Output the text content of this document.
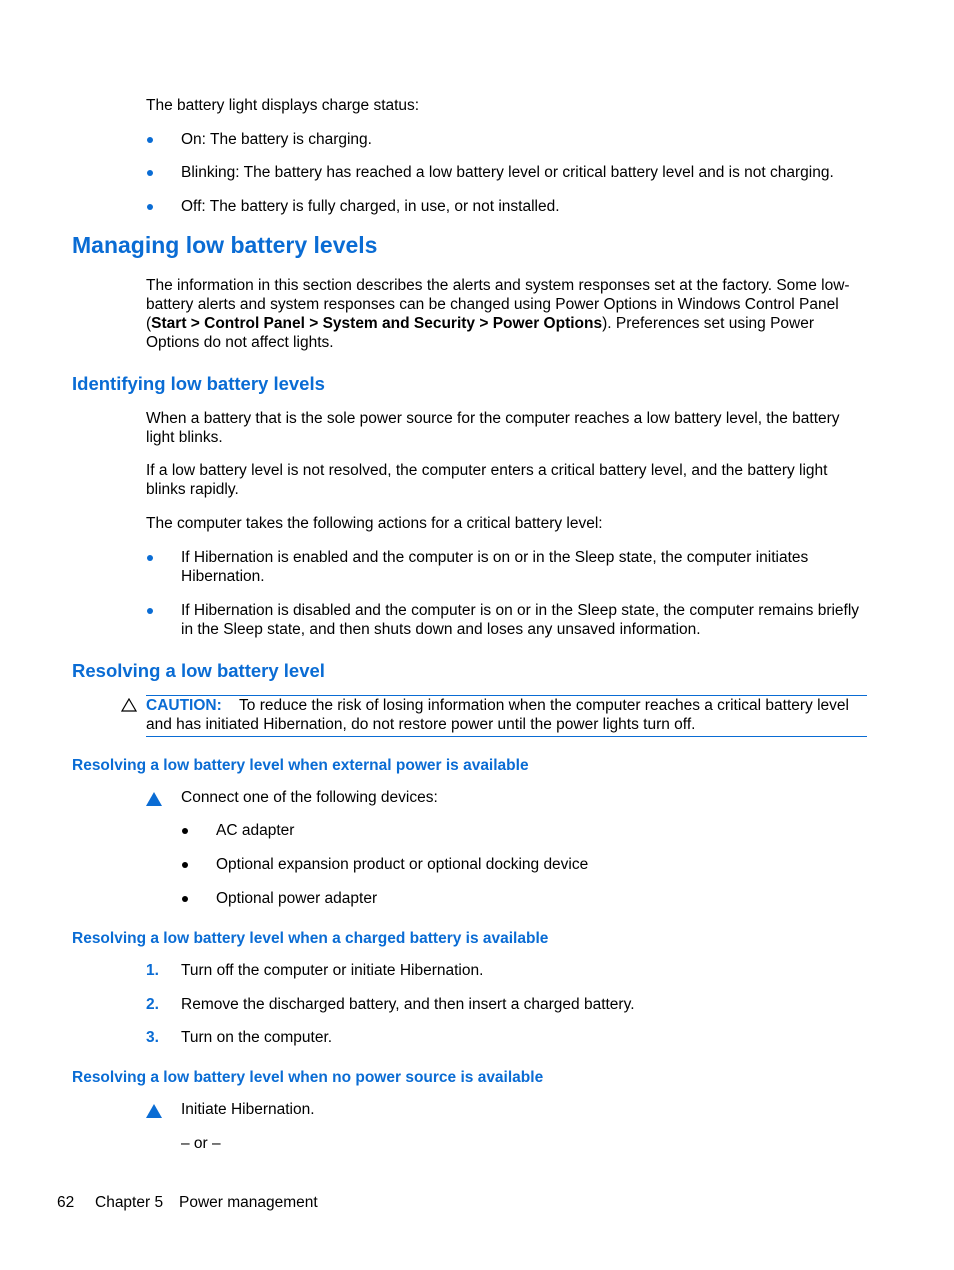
The battery light displays charge status:
On: The battery is charging.
Blinking: The battery has reached a low battery level or critical battery level and is not charging.
Off: The battery is fully charged, in use, or not installed.
Managing low battery levels
The information in this section describes the alerts and system responses set at the factory. Some low-
battery alerts and system responses can be changed using Power Options in Windows Control Panel
(Start > Control Panel > System and Security > Power Options). Preferences set using Power
Options do not affect lights.
Identifying low battery levels
When a battery that is the sole power source for the computer reaches a low battery level, the battery
light blinks.
If a low battery level is not resolved, the computer enters a critical battery level, and the battery light
blinks rapidly.
The computer takes the following actions for a critical battery level:
If Hibernation is enabled and the computer is on or in the Sleep state, the computer initiates
Hibernation.
If Hibernation is disabled and the computer is on or in the Sleep state, the computer remains briefly
in the Sleep state, and then shuts down and loses any unsaved information.
Resolving a low battery level
CAUTION: To reduce the risk of losing information when the computer reaches a critical battery level
and has initiated Hibernation, do not restore power until the power lights turn off.
Resolving a low battery level when external power is available
Connect one of the following devices:
AC adapter
Optional expansion product or optional docking device
Optional power adapter
Resolving a low battery level when a charged battery is available
1. Turn off the computer or initiate Hibernation.
2. Remove the discharged battery, and then insert a charged battery.
3. Turn on the computer.
Resolving a low battery level when no power source is available
Initiate Hibernation.
– or –
62 Chapter 5 Power management
